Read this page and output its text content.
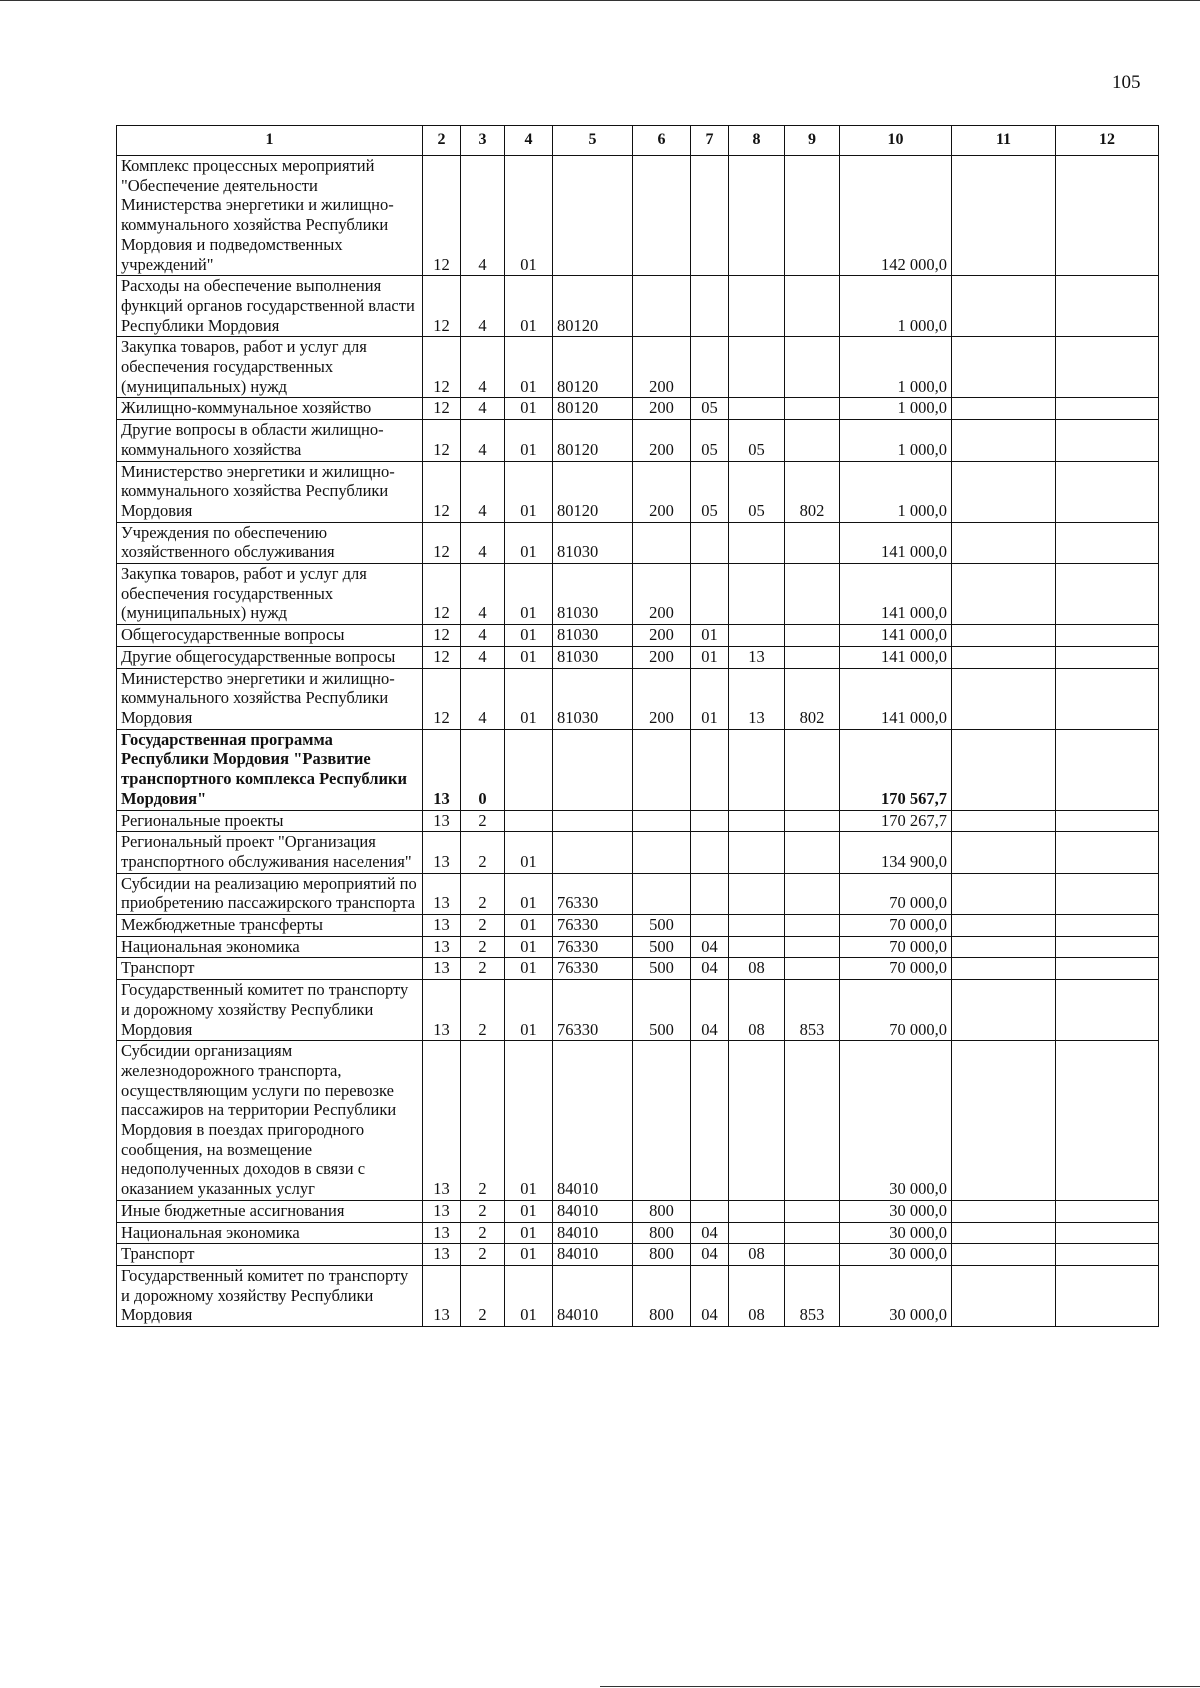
105
1	2	3	4	5	6	7	8	9	10	11	12
Комплекс процессных мероприятий "Обеспечение деятельности Министерства энергетики и жилищно-коммунального хозяйства Республики Мордовия и подведомственных учреждений"	12	4	01						142 000,0		
Расходы на обеспечение выполнения функций органов государственной власти Республики Мордовия	12	4	01	80120					1 000,0		
Закупка товаров, работ и услуг для обеспечения государственных (муниципальных) нужд	12	4	01	80120	200				1 000,0		
Жилищно-коммунальное хозяйство	12	4	01	80120	200	05			1 000,0		
Другие вопросы в области жилищно-коммунального хозяйства	12	4	01	80120	200	05	05		1 000,0		
Министерство энергетики и жилищно-коммунального хозяйства Республики Мордовия	12	4	01	80120	200	05	05	802	1 000,0		
Учреждения по обеспечению хозяйственного обслуживания	12	4	01	81030					141 000,0		
Закупка товаров, работ и услуг для обеспечения государственных (муниципальных) нужд	12	4	01	81030	200				141 000,0		
Общегосударственные вопросы	12	4	01	81030	200	01			141 000,0		
Другие общегосударственные вопросы	12	4	01	81030	200	01	13		141 000,0		
Министерство энергетики и жилищно-коммунального хозяйства Республики Мордовия	12	4	01	81030	200	01	13	802	141 000,0		
Государственная программа Республики Мордовия "Развитие транспортного комплекса Республики Мордовия"	13	0							170 567,7		
Региональные проекты	13	2							170 267,7		
Региональный проект "Организация транспортного обслуживания населения"	13	2	01						134 900,0		
Субсидии на реализацию мероприятий по приобретению пассажирского транспорта	13	2	01	76330					70 000,0		
Межбюджетные трансферты	13	2	01	76330	500				70 000,0		
Национальная экономика	13	2	01	76330	500	04			70 000,0		
Транспорт	13	2	01	76330	500	04	08		70 000,0		
Государственный комитет по транспорту и дорожному хозяйству Республики Мордовия	13	2	01	76330	500	04	08	853	70 000,0		
Субсидии организациям железнодорожного транспорта, осуществляющим услуги по перевозке пассажиров на территории Республики Мордовия в поездах пригородного сообщения, на возмещение недополученных доходов в связи с оказанием указанных услуг	13	2	01	84010					30 000,0		
Иные бюджетные ассигнования	13	2	01	84010	800				30 000,0		
Национальная экономика	13	2	01	84010	800	04			30 000,0		
Транспорт	13	2	01	84010	800	04	08		30 000,0		
Государственный комитет по транспорту и дорожному хозяйству Республики Мордовия	13	2	01	84010	800	04	08	853	30 000,0		
